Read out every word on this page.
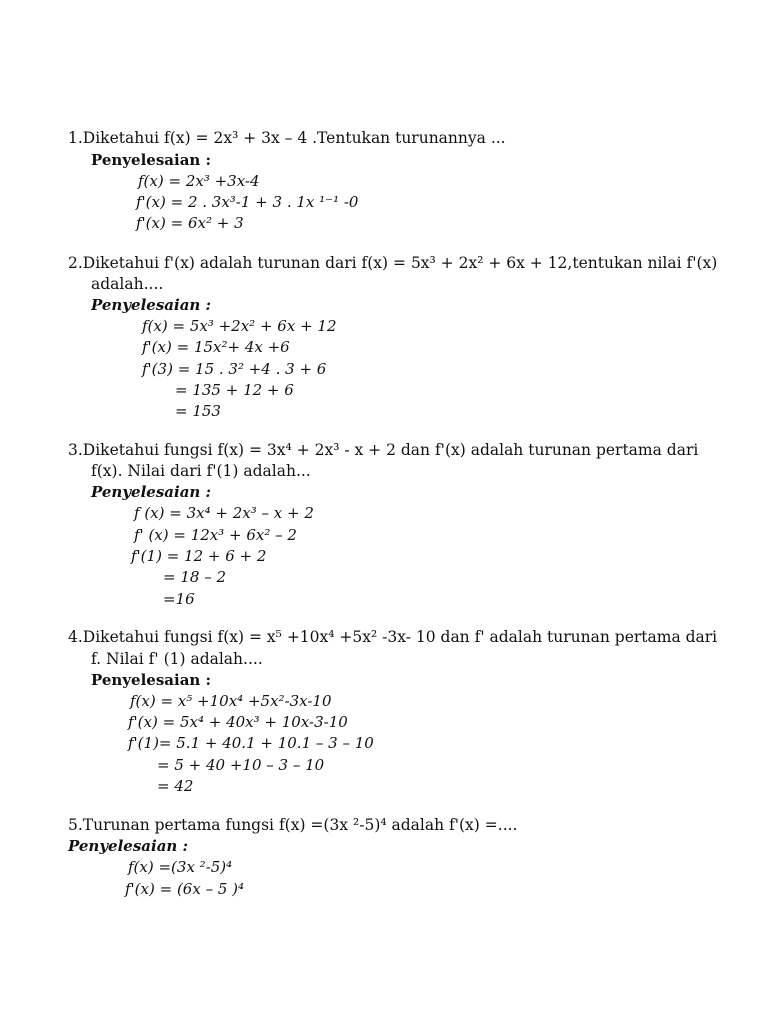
1.Diketahui f(x) = 2x³ + 3x – 4 .Tentukan turunannya ...
Penyelesaian :
f(x) = 2x³ +3x-4
f'(x) = 2 . 3x³-1 + 3 . 1x ¹⁻¹ -0
f'(x) = 6x² + 3
2.Diketahui f'(x) adalah turunan dari f(x) = 5x³ + 2x² + 6x + 12,tentukan nilai f'(x)
adalah....
Penyelesaian :
f(x) = 5x³ +2x² + 6x + 12
f'(x) = 15x²+ 4x +6
f'(3) = 15 . 3² +4 . 3 + 6
= 135 + 12 + 6
= 153
3.Diketahui fungsi f(x) = 3x⁴ + 2x³ - x + 2 dan f'(x) adalah turunan pertama dari
f(x). Nilai dari f'(1) adalah...
Penyelesaian :
f (x) = 3x⁴ + 2x³ – x + 2
f' (x) = 12x³ + 6x² – 2
f'(1) = 12 + 6 + 2
= 18 – 2
=16
4.Diketahui fungsi f(x) = x⁵ +10x⁴ +5x² -3x- 10 dan f' adalah turunan pertama dari
f. Nilai f' (1) adalah....
Penyelesaian :
f(x) = x⁵ +10x⁴ +5x²-3x-10
f'(x) = 5x⁴ + 40x³ + 10x-3-10
f'(1)= 5.1 + 40.1 + 10.1 – 3 – 10
= 5 + 40 +10 – 3 – 10
= 42
5.Turunan pertama fungsi f(x) =(3x ²-5)⁴ adalah f'(x) =....
Penyelesaian :
f(x) =(3x ²-5)⁴
f'(x) = (6x – 5 )⁴
